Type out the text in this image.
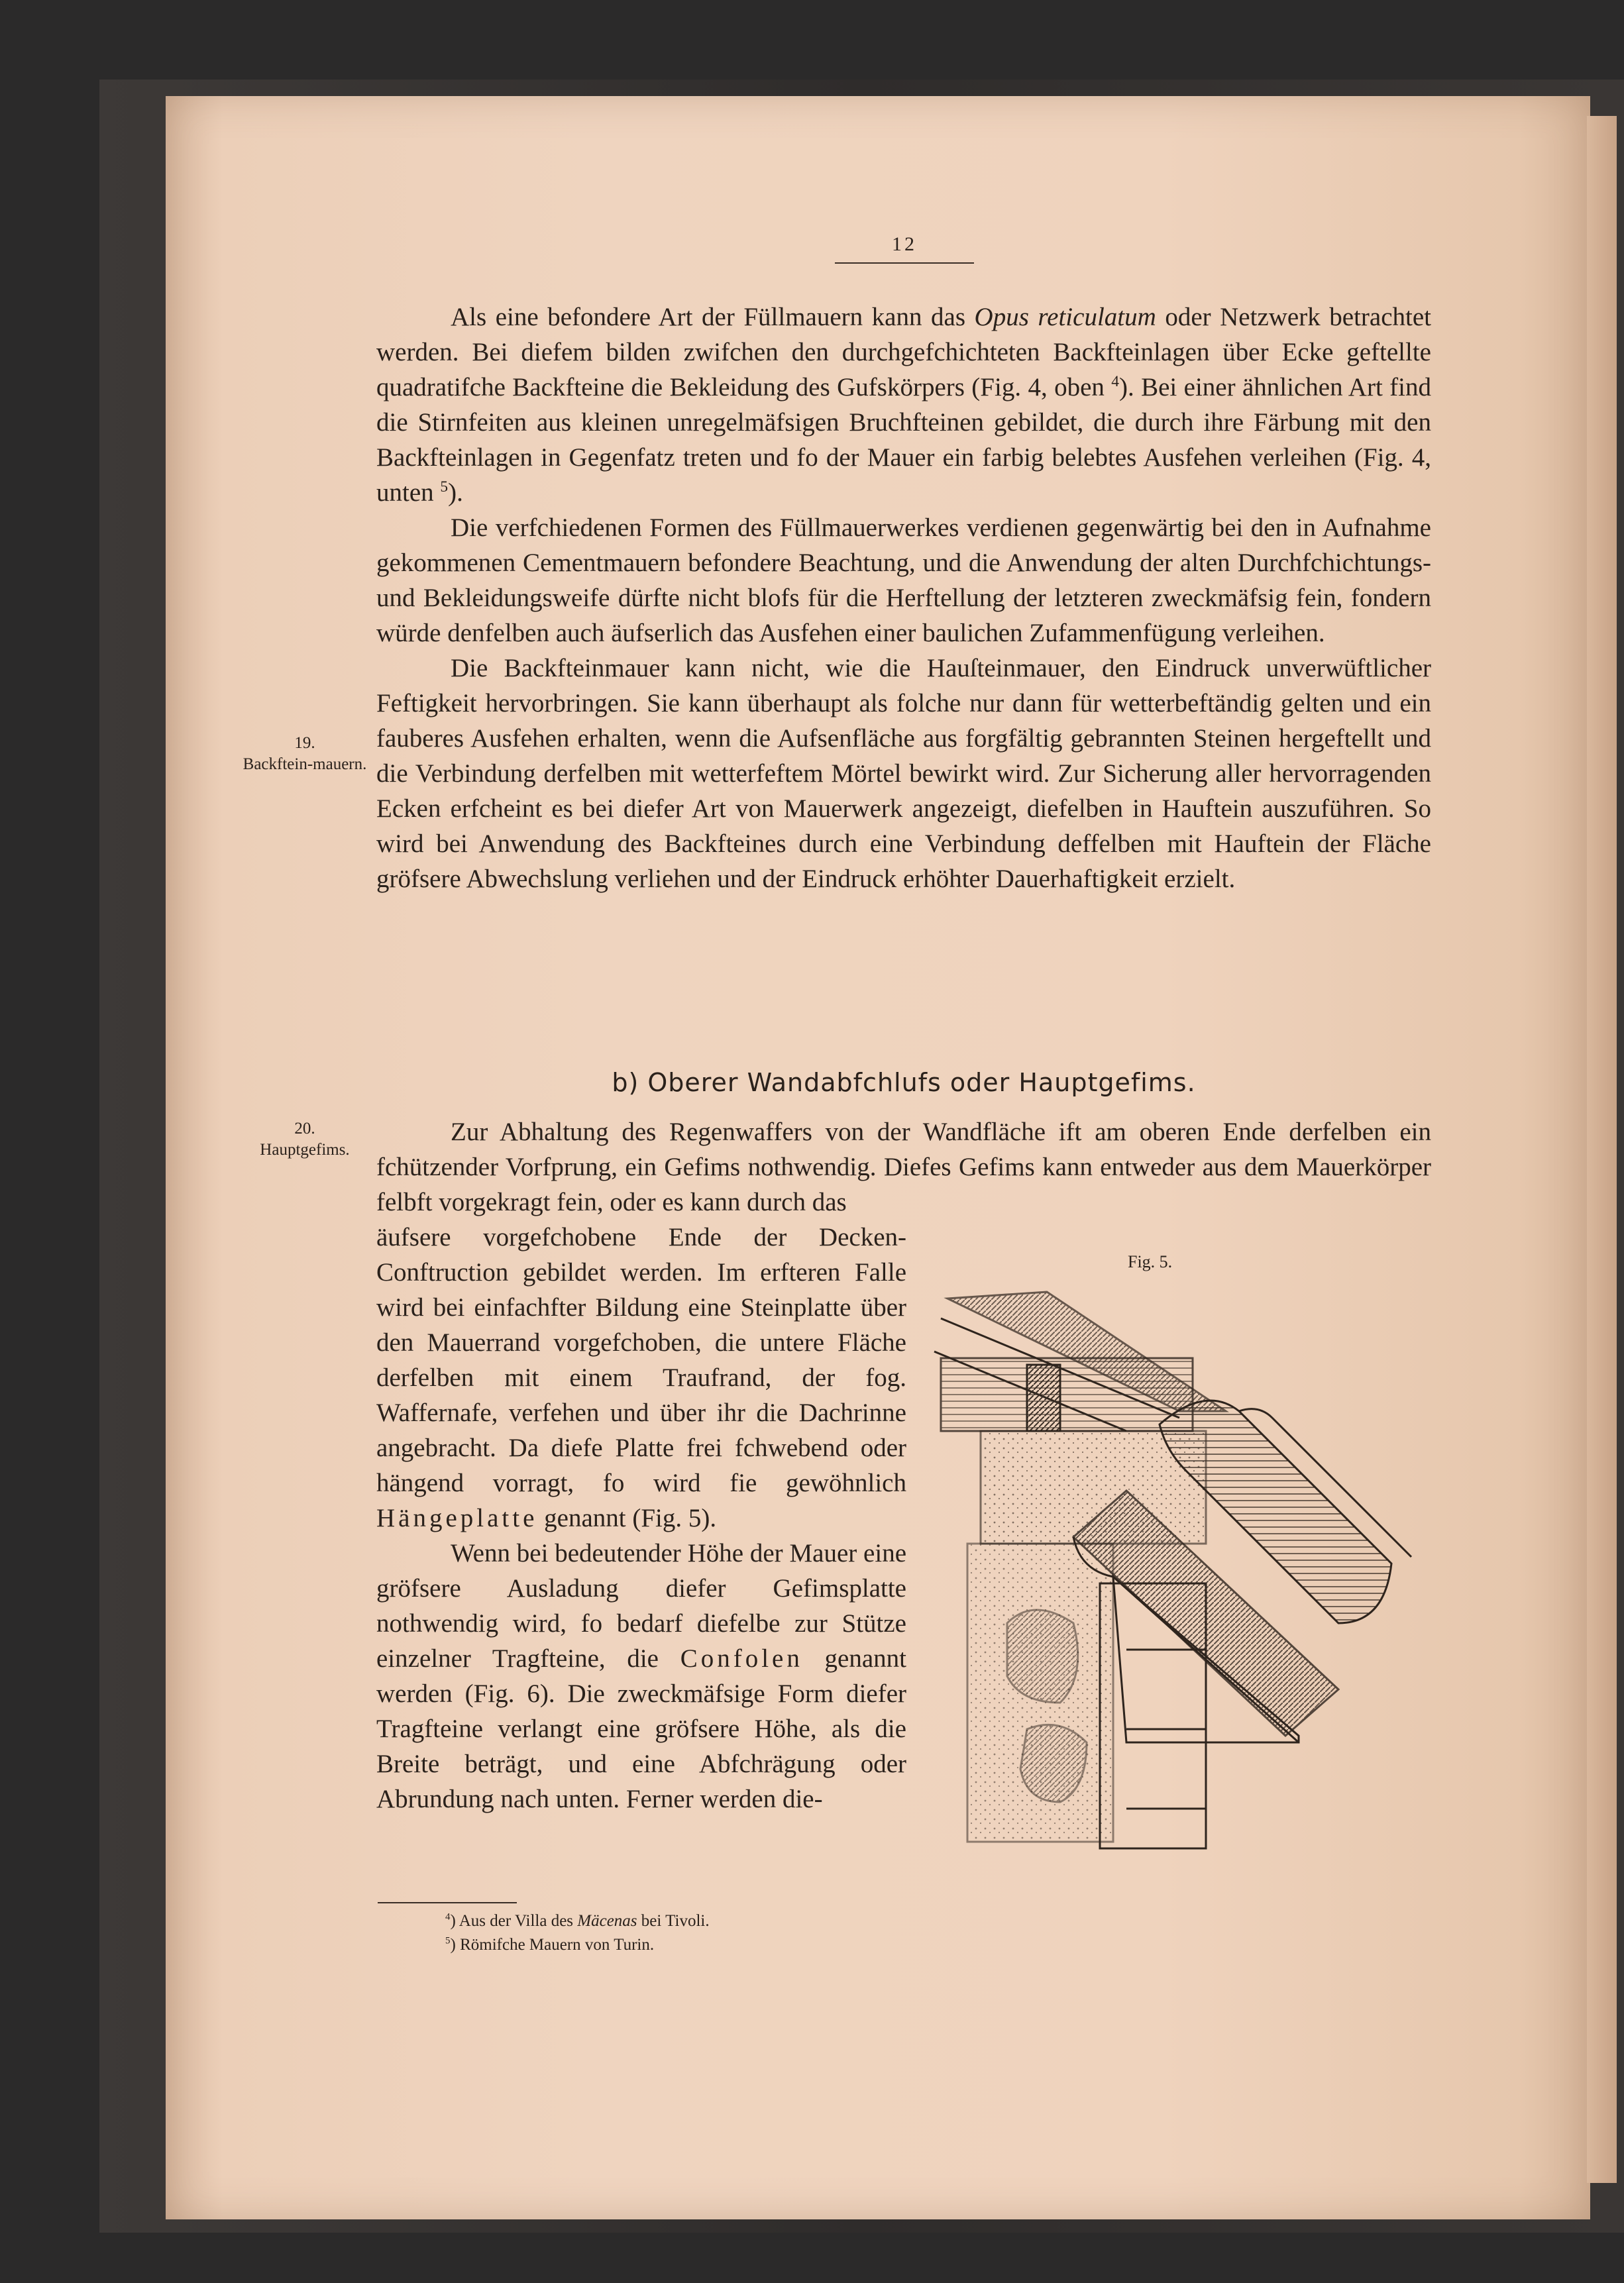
12

Als eine befondere Art der Füllmauern kann das Opus reticulatum oder Netzwerk betrachtet werden. Bei diefem bilden zwifchen den durchgefchichteten Backfteinlagen über Ecke geftellte quadratifche Backfteine die Bekleidung des Gufskörpers (Fig. 4, oben $^4$). Bei einer ähnlichen Art find die Stirnfeiten aus kleinen unregelmäfsigen Bruchfteinen gebildet, die durch ihre Färbung mit den Backfteinlagen in Gegenfatz treten und fo der Mauer ein farbig belebtes Ausfehen verleihen (Fig. 4, unten $^5$).

Die verfchiedenen Formen des Füllmauerwerkes verdienen gegenwärtig bei den in Aufnahme gekommenen Cementmauern befondere Beachtung, und die Anwendung der alten Durchfchichtungs- und Bekleidungsweife dürfte nicht blofs für die Herftellung der letzteren zweckmäfsig fein, fondern würde denfelben auch äufserlich das Ausfehen einer baulichen Zufammenfügung verleihen.

Die Backfteinmauer kann nicht, wie die Hauſteinmauer, den Eindruck unverwüftlicher Feftigkeit hervorbringen. Sie kann überhaupt als folche nur dann für wetterbeftändig gelten und ein fauberes Ausfehen erhalten, wenn die Aufsenfläche aus forgfältig gebrannten Steinen hergeftellt und die Verbindung derfelben mit wetterfeftem Mörtel bewirkt wird. Zur Sicherung aller hervorragenden Ecken erfcheint es bei diefer Art von Mauerwerk angezeigt, diefelben in Hauftein auszuführen. So wird bei Anwendung des Backfteines durch eine Verbindung deffelben mit Hauftein der Fläche gröfsere Abwechslung verliehen und der Eindruck erhöhter Dauerhaftigkeit erzielt.

19.
Backftein-mauern.
b) Oberer Wandabfchlufs oder Hauptgefims.
20.
Hauptgefims.

Zur Abhaltung des Regenwaffers von der Wandfläche ift am oberen Ende derfelben ein fchützender Vorfprung, ein Gefims nothwendig. Diefes Gefims kann entweder aus dem Mauerkörper felbft vorgekragt fein, oder es kann durch das

äufsere vorgefchobene Ende der Decken-Conftruction gebildet werden. Im erfteren Falle wird bei einfachfter Bildung eine Steinplatte über den Mauerrand vorgefchoben, die untere Fläche derfelben mit einem Traufrand, der fog. Waffernafe, verfehen und über ihr die Dachrinne angebracht. Da diefe Platte frei fchwebend oder hängend vorragt, fo wird fie gewöhnlich Hängeplatte genannt (Fig. 5).

Wenn bei bedeutender Höhe der Mauer eine gröfsere Ausladung diefer Gefimsplatte nothwendig wird, fo bedarf diefelbe zur Stütze einzelner Tragfteine, die Confolen genannt werden (Fig. 6). Die zweckmäfsige Form diefer Tragfteine verlangt eine gröfsere Höhe, als die Breite beträgt, und eine Abfchrägung oder Abrundung nach unten. Ferner werden die-

Fig. 5.
$^4$) Aus der Villa des Mäcenas bei Tivoli.
$^5$) Römifche Mauern von Turin.
